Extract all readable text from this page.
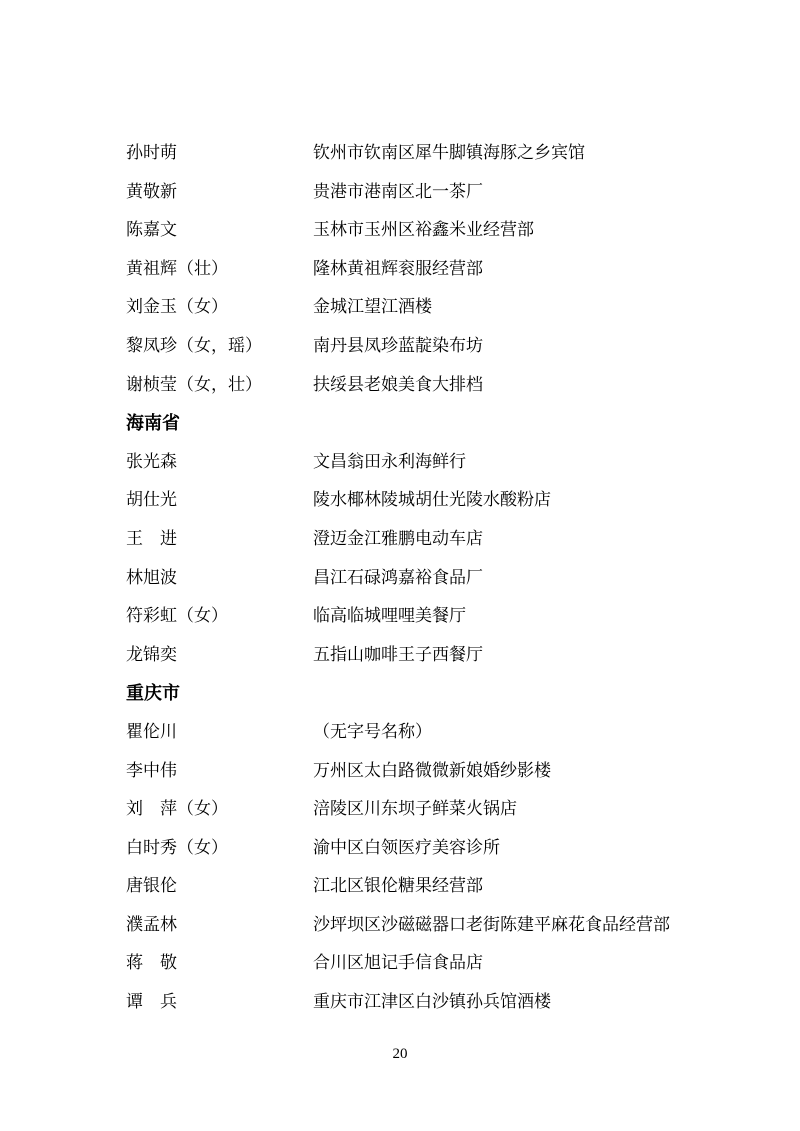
孙时萌	钦州市钦南区犀牛脚镇海豚之乡宾馆
黄敬新	贵港市港南区北一茶厂
陈嘉文	玉林市玉州区裕鑫米业经营部
黄祖辉（壮）	隆林黄祖辉衮服经营部
刘金玉（女）	金城江望江酒楼
黎凤珍（女，瑶）	南丹县凤珍蓝靛染布坊
谢桢莹（女，壮）	扶绥县老娘美食大排档
海南省
张光森	文昌翁田永利海鲜行
胡仕光	陵水椰林陵城胡仕光陵水酸粉店
王　进	澄迈金江雅鹏电动车店
林旭波	昌江石碌鸿嘉裕食品厂
符彩虹（女）	临高临城哩哩美餐厅
龙锦奕	五指山咖啡王子西餐厅
重庆市
瞿伦川	（无字号名称）
李中伟	万州区太白路微微新娘婚纱影楼
刘　萍（女）	涪陵区川东坝子鲜菜火锅店
白时秀（女）	渝中区白领医疗美容诊所
唐银伦	江北区银伦糖果经营部
濮孟林	沙坪坝区沙磁磁器口老街陈建平麻花食品经营部
蒋　敬	合川区旭记手信食品店
谭　兵	重庆市江津区白沙镇孙兵馆酒楼
20
